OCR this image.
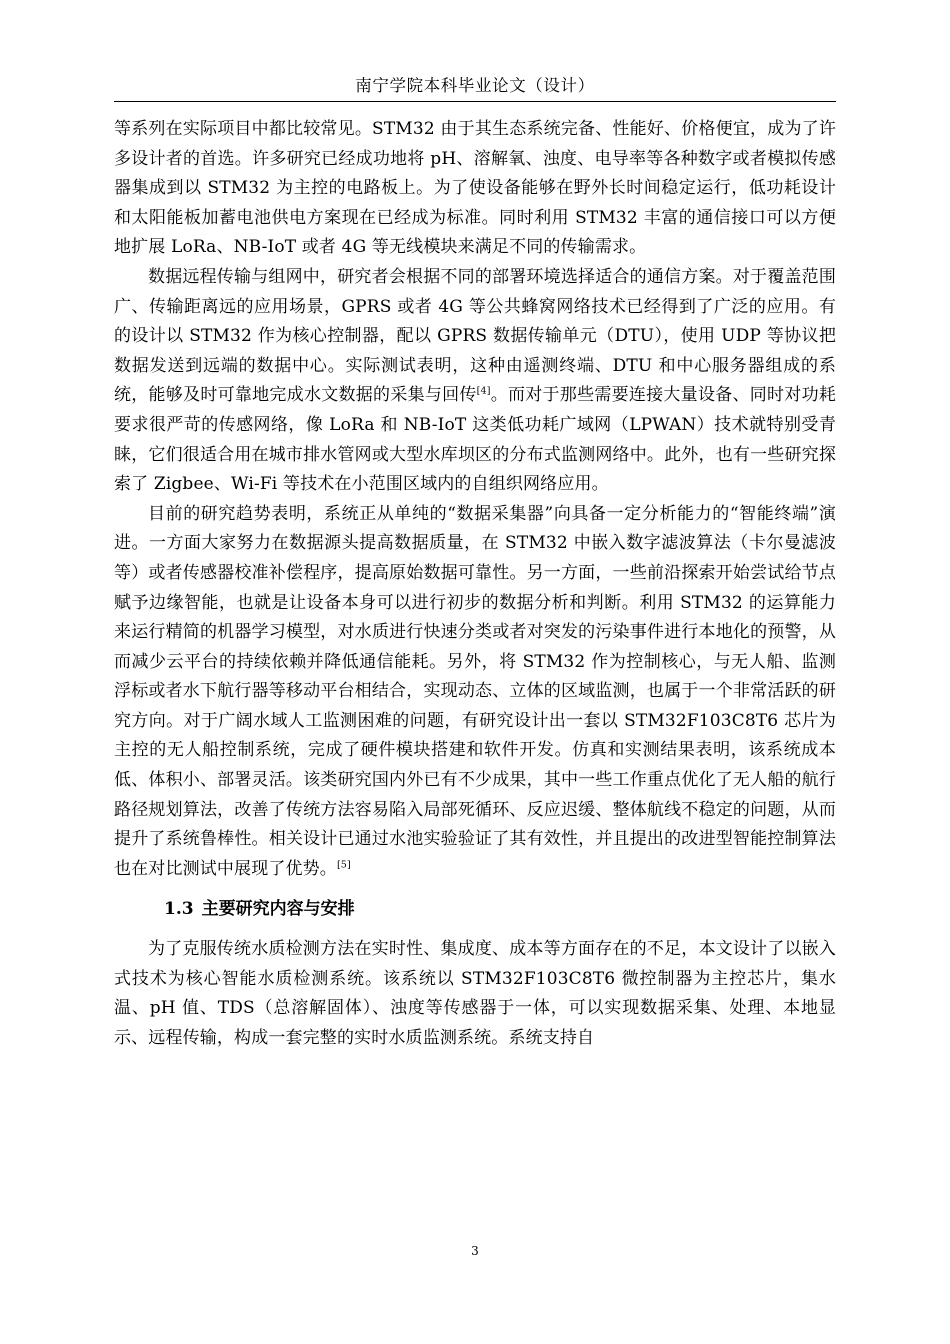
南宁学院本科毕业论文（设计）

等系列在实际项目中都比较常见。STM32 由于其生态系统完备、性能好、价格便宜，成为了许多设计者的首选。许多研究已经成功地将 pH、溶解氧、浊度、电导率等各种数字或者模拟传感器集成到以 STM32 为主控的电路板上。为了使设备能够在野外长时间稳定运行，低功耗设计和太阳能板加蓄电池供电方案现在已经成为标准。同时利用 STM32 丰富的通信接口可以方便地扩展 LoRa、NB-IoT 或者 4G 等无线模块来满足不同的传输需求。

数据远程传输与组网中，研究者会根据不同的部署环境选择适合的通信方案。对于覆盖范围广、传输距离远的应用场景，GPRS 或者 4G 等公共蜂窝网络技术已经得到了广泛的应用。有的设计以 STM32 作为核心控制器，配以 GPRS 数据传输单元（DTU），使用 UDP 等协议把数据发送到远端的数据中心。实际测试表明，这种由遥测终端、DTU 和中心服务器组成的系统，能够及时可靠地完成水文数据的采集与回传[4]。而对于那些需要连接大量设备、同时对功耗要求很严苛的传感网络，像 LoRa 和 NB-IoT 这类低功耗广域网（LPWAN）技术就特别受青睐，它们很适合用在城市排水管网或大型水库坝区的分布式监测网络中。此外，也有一些研究探索了 Zigbee、Wi-Fi 等技术在小范围区域内的自组织网络应用。

目前的研究趋势表明，系统正从单纯的“数据采集器”向具备一定分析能力的“智能终端”演进。一方面大家努力在数据源头提高数据质量，在 STM32 中嵌入数字滤波算法（卡尔曼滤波等）或者传感器校准补偿程序，提高原始数据可靠性。另一方面，一些前沿探索开始尝试给节点赋予边缘智能，也就是让设备本身可以进行初步的数据分析和判断。利用 STM32 的运算能力来运行精简的机器学习模型，对水质进行快速分类或者对突发的污染事件进行本地化的预警，从而减少云平台的持续依赖并降低通信能耗。另外，将 STM32 作为控制核心，与无人船、监测浮标或者水下航行器等移动平台相结合，实现动态、立体的区域监测，也属于一个非常活跃的研究方向。对于广阔水域人工监测困难的问题，有研究设计出一套以 STM32F103C8T6 芯片为主控的无人船控制系统，完成了硬件模块搭建和软件开发。仿真和实测结果表明，该系统成本低、体积小、部署灵活。该类研究国内外已有不少成果，其中一些工作重点优化了无人船的航行路径规划算法，改善了传统方法容易陷入局部死循环、反应迟缓、整体航线不稳定的问题，从而提升了系统鲁棒性。相关设计已通过水池实验验证了其有效性，并且提出的改进型智能控制算法也在对比测试中展现了优势。[5]

1.3 主要研究内容与安排

为了克服传统水质检测方法在实时性、集成度、成本等方面存在的不足，本文设计了以嵌入式技术为核心智能水质检测系统。该系统以 STM32F103C8T6 微控制器为主控芯片，集水温、pH 值、TDS（总溶解固体）、浊度等传感器于一体，可以实现数据采集、处理、本地显示、远程传输，构成一套完整的实时水质监测系统。系统支持自

3
